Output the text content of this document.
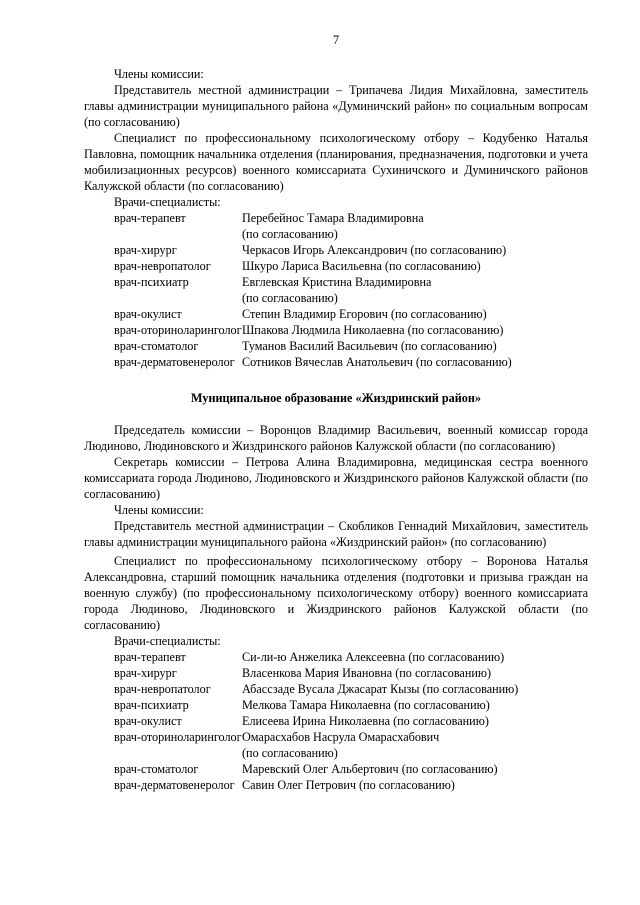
7

Члены комиссии:

Представитель местной администрации – Трипачева Лидия Михайловна, заместитель главы администрации муниципального района «Думиничский район» по социальным вопросам (по согласованию)

Специалист по профессиональному психологическому отбору – Кодубенко Наталья Павловна, помощник начальника отделения (планирования, предназначения, подготовки и учета мобилизационных ресурсов) военного комиссариата Сухиничского и Думиничского районов Калужской области (по согласованию)

Врачи-специалисты:

врач-терапевт	Перебейнос Тамара Владимировна
(по согласованию)
врач-хирург	Черкасов Игорь Александрович (по согласованию)
врач-невропатолог	Шкуро Лариса Васильевна (по согласованию)
врач-психиатр	Евглевская Кристина Владимировна
(по согласованию)
врач-окулист	Степин Владимир Егорович (по согласованию)
врач-оториноларинголог Шпакова Людмила Николаевна (по согласованию)
врач-стоматолог	Туманов Василий Васильевич (по согласованию)
врач-дерматовенеролог Сотников Вячеслав Анатольевич (по согласованию)
Муниципальное образование «Жиздринский район»

Председатель комиссии – Воронцов Владимир Васильевич, военный комиссар города Людиново, Людиновского и Жиздринского районов Калужской области (по согласованию)

Секретарь комиссии – Петрова Алина Владимировна, медицинская сестра военного комиссариата города Людиново, Людиновского и Жиздринского районов Калужской области (по согласованию)

Члены комиссии:

Представитель местной администрации – Скобликов Геннадий Михайлович, заместитель главы администрации муниципального района «Жиздринский район» (по согласованию)

Специалист по профессиональному психологическому отбору – Воронова Наталья Александровна, старший помощник начальника отделения (подготовки и призыва граждан на военную службу) (по профессиональному психологическому отбору) военного комиссариата города Людиново, Людиновского и Жиздринского районов Калужской области (по согласованию)

Врачи-специалисты:

врач-терапевт	Си-ли-ю Анжелика Алексеевна (по согласованию)
врач-хирург	Власенкова Мария Ивановна (по согласованию)
врач-невропатолог	Абассзаде Вусала Джасарат Кызы (по согласованию)
врач-психиатр	Мелкова Тамара Николаевна (по согласованию)
врач-окулист	Елисеева Ирина Николаевна (по согласованию)
врач-оториноларинголог Омарасхабов Насрула Омарасхабович
(по согласованию)
врач-стоматолог	Маревский Олег Альбертович (по согласованию)
врач-дерматовенеролог Савин Олег Петрович (по согласованию)
